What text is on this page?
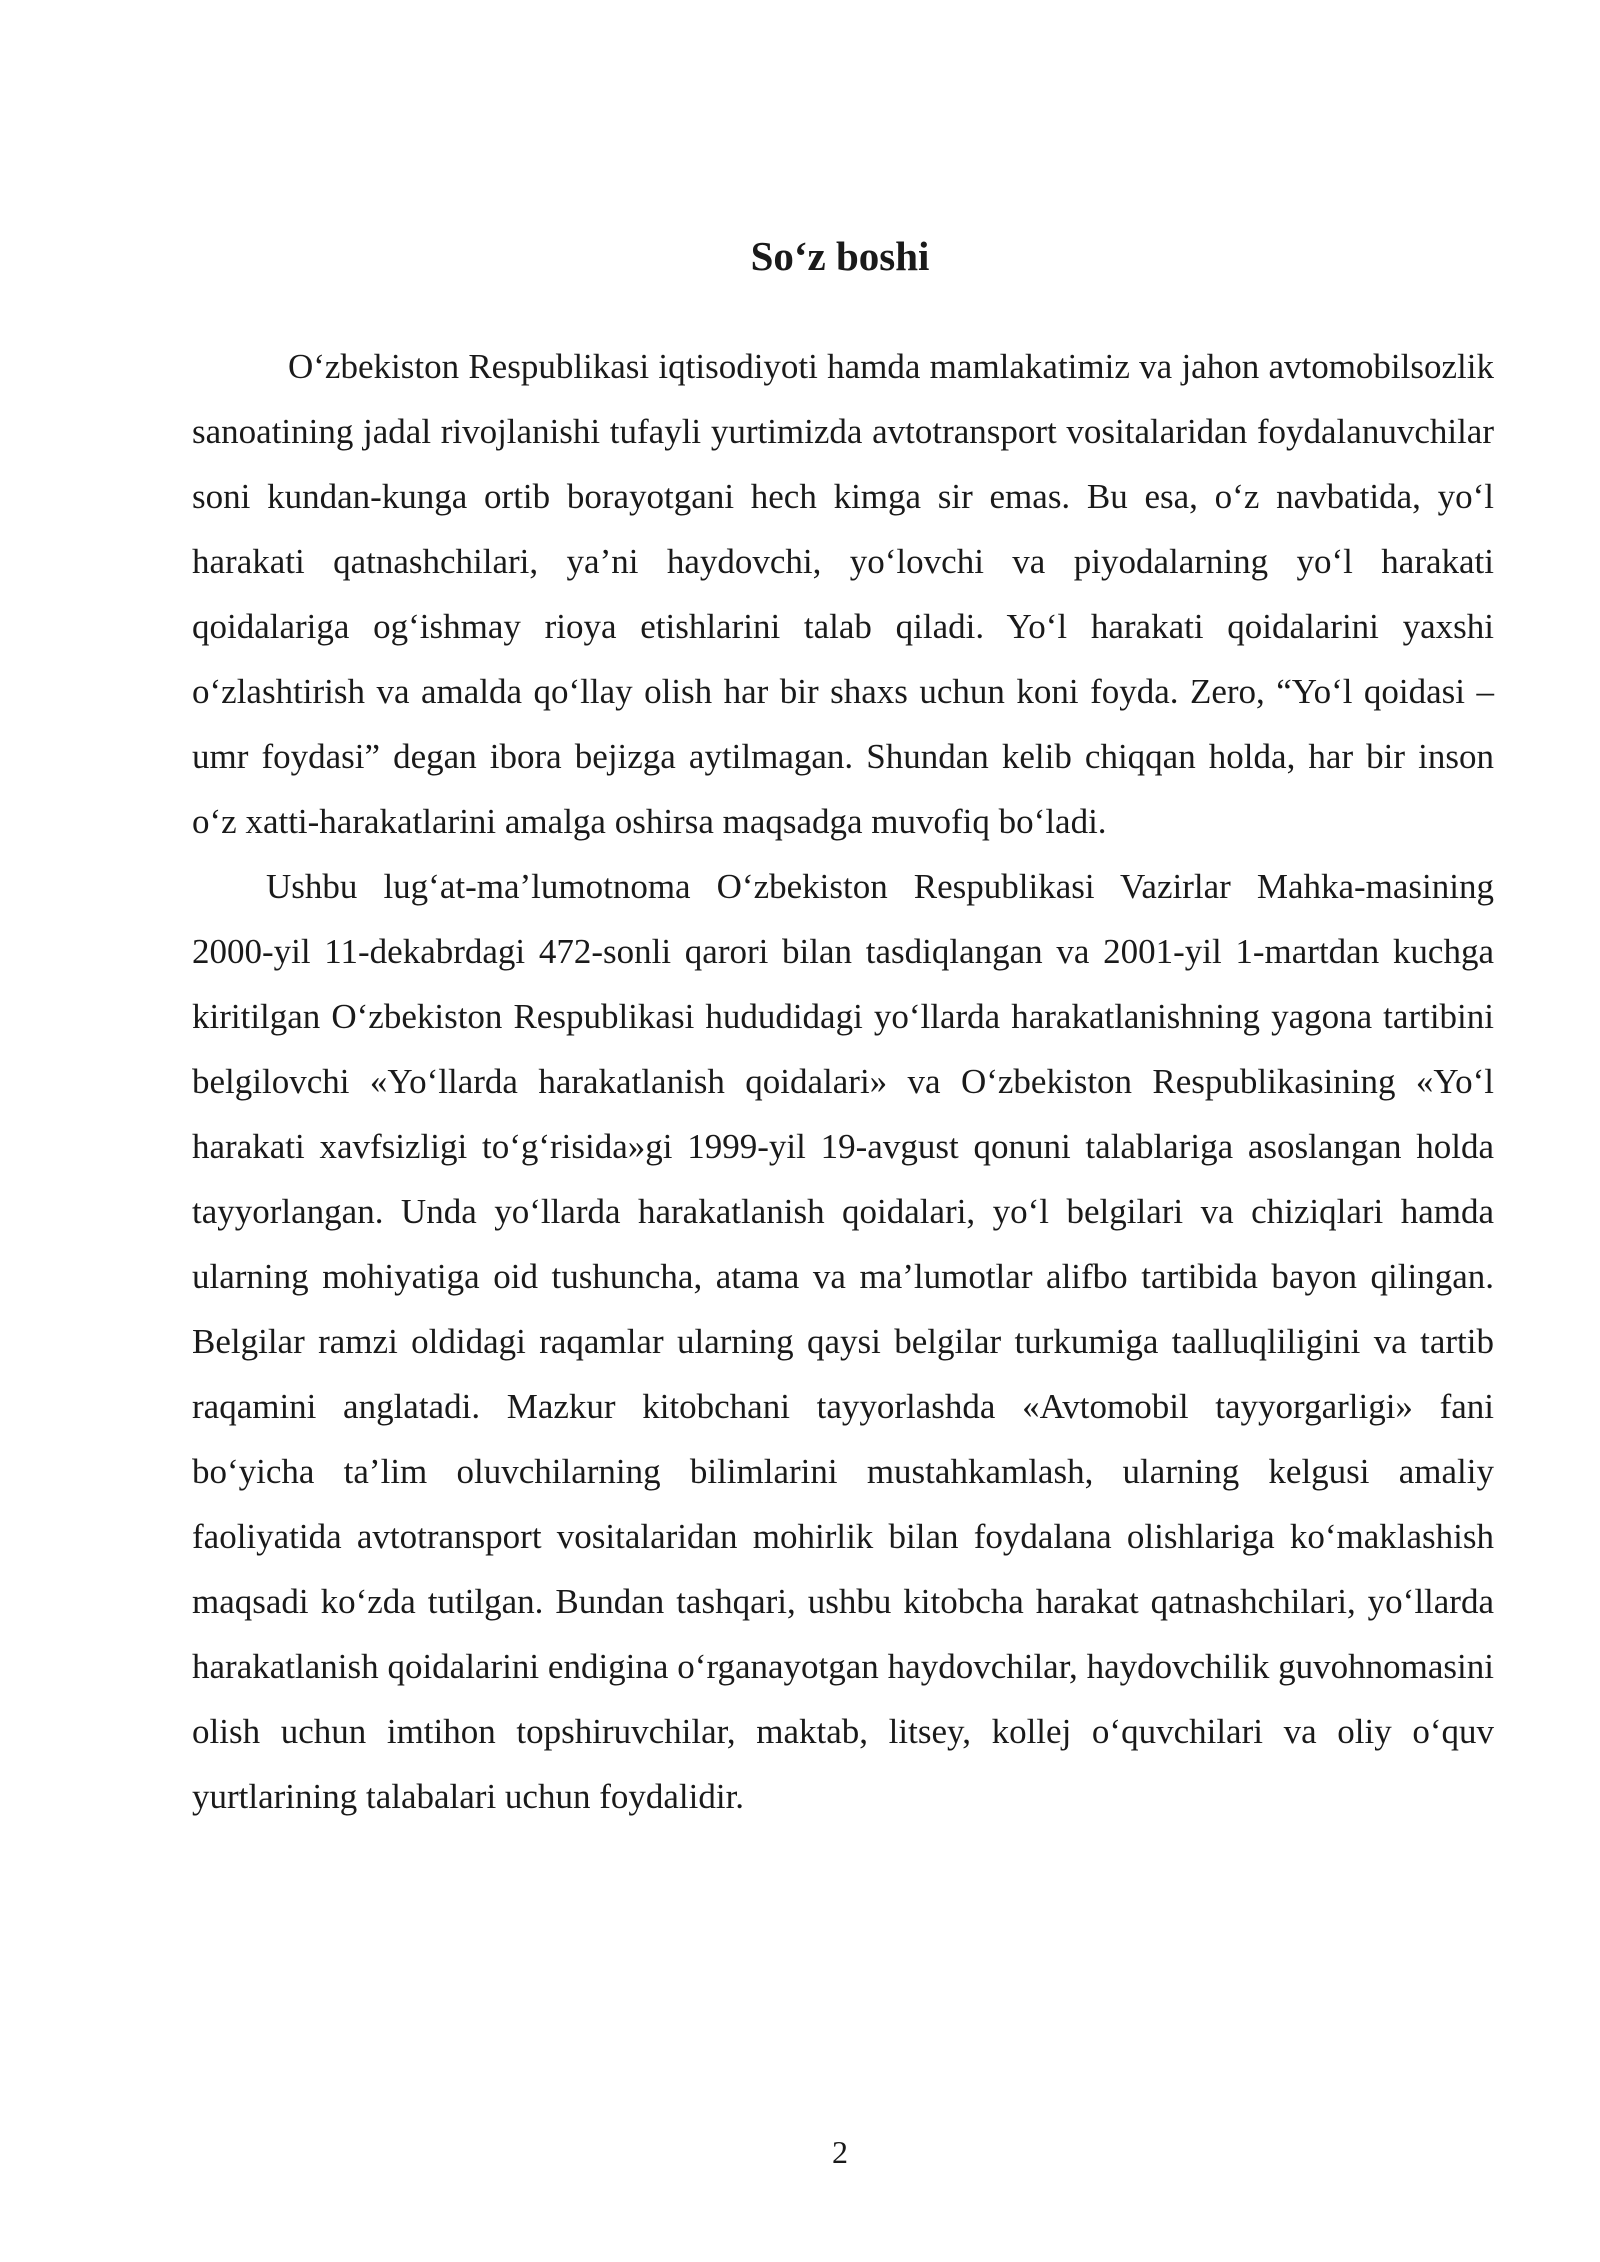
So‘z boshi

O‘zbekiston Respublikasi iqtisodiyoti hamda mamlakatimiz va jahon avtomobilsozlik sanoatining jadal rivojlanishi tufayli yurtimizda avtotransport vositalaridan foydalanuvchilar soni kundan-kunga ortib borayotgani hech kimga sir emas. Bu esa, o‘z navbatida, yo‘l harakati qatnashchilari, ya’ni haydovchi, yo‘lovchi va piyodalarning yo‘l harakati qoidalariga og‘ishmay rioya etishlarini talab qiladi. Yo‘l harakati qoidalarini yaxshi o‘zlashtirish va amalda qo‘llay olish har bir shaxs uchun koni foyda. Zero, “Yo‘l qoidasi – umr foydasi” degan ibora bejizga aytilmagan. Shundan kelib chiqqan holda, har bir inson o‘z xatti-harakatlarini amalga oshirsa maqsadga muvofiq bo‘ladi.

Ushbu lug‘at-ma’lumotnoma O‘zbekiston Respublikasi Vazirlar Mahka-masining 2000-yil 11-dekabrdagi 472-sonli qarori bilan tasdiqlangan va 2001-yil 1-martdan kuchga kiritilgan O‘zbekiston Respublikasi hududidagi yo‘llarda harakatlanishning yagona tartibini belgilovchi «Yo‘llarda harakatlanish qoidalari» va O‘zbekiston Respublikasining «Yo‘l harakati xavfsizligi to‘g‘risida»gi 1999-yil 19-avgust qonuni talablariga asoslangan holda tayyorlangan. Unda yo‘llarda harakatlanish qoidalari, yo‘l belgilari va chiziqlari hamda ularning mohiyatiga oid tushuncha, atama va ma’lumotlar alifbo tartibida bayon qilingan. Belgilar ramzi oldidagi raqamlar ularning qaysi belgilar turkumiga taalluqliligini va tartib raqamini anglatadi. Mazkur kitobchani tayyorlashda «Avtomobil tayyorgarligi» fani bo‘yicha ta’lim oluvchilarning bilimlarini mustahkamlash, ularning kelgusi amaliy faoliyatida avtotransport vositalaridan mohirlik bilan foydalana olishlariga ko‘maklashish maqsadi ko‘zda tutilgan. Bundan tashqari, ushbu kitobcha harakat qatnashchilari, yo‘llarda harakatlanish qoidalarini endigina o‘rganayotgan haydovchilar, haydovchilik guvohnomasini olish uchun imtihon topshiruvchilar, maktab, litsey, kollej o‘quvchilari va oliy o‘quv yurtlarining talabalari uchun foydalidir.

2
